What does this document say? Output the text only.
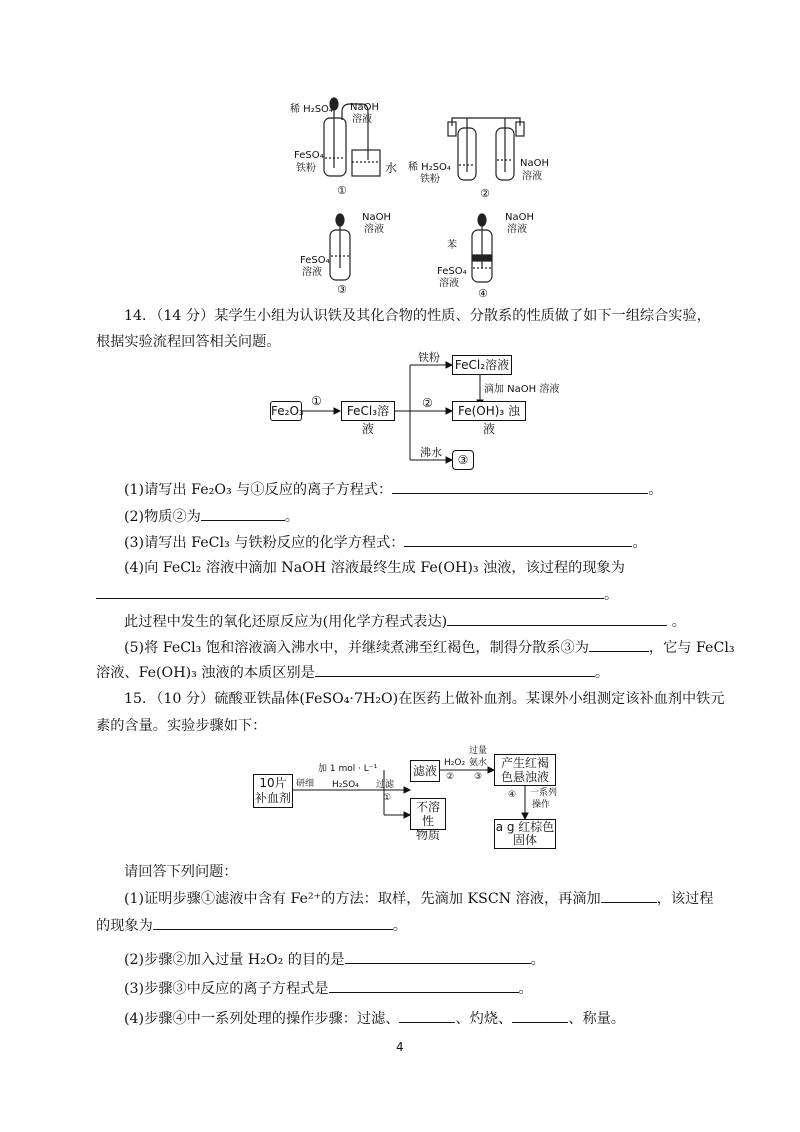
稀 H₂SO₄ NaOH
溶液
FeSO₄
铁粉	水
①
稀 H₂SO₄
铁粉
NaOH
溶液
②
NaOH
溶液
FeSO₄
溶液
③
NaOH
溶液
苯
FeSO₄
溶液
④
14．（14 分）某学生小组为认识铁及其化合物的性质、分散系的性质做了如下一组综合实验，
根据实验流程回答相关问题。
Fe₂O₃
①
FeCl₃溶液
铁粉
FeCl₂溶液
滴加 NaOH 溶液
②
Fe(OH)₃ 浊液
沸水
③
(1)请写出 Fe₂O₃ 与①反应的离子方程式：	。
(2)物质②为	。
(3)请写出 FeCl₃ 与铁粉反应的化学方程式：	。
(4)向 FeCl₂ 溶液中滴加 NaOH 溶液最终生成 Fe(OH)₃ 浊液，该过程的现象为
。
此过程中发生的氧化还原反应为(用化学方程式表达)	。
(5)将 FeCl₃ 饱和溶液滴入沸水中，并继续煮沸至红褐色，制得分散系③为	，它与 FeCl₃
溶液、Fe(OH)₃ 浊液的本质区别是	。
15．（10 分）硫酸亚铁晶体(FeSO₄·7H₂O)在医药上做补血剂。某课外小组测定该补血剂中铁元
素的含量。实验步骤如下：
10片
补血剂
研细
加 1 mol · L⁻¹
H₂SO₄ 过滤
①
滤液
H₂O₂
②
过量
氨水
③
产生红褐
色悬浊液
④ 一系列
操作
不溶性
物质
a g 红棕色
固体
请回答下列问题：
(1)证明步骤①滤液中含有 Fe²⁺的方法：取样，先滴加 KSCN 溶液，再滴加	，该过程
的现象为	。
(2)步骤②加入过量 H₂O₂ 的目的是	。
(3)步骤③中反应的离子方程式是	。
(4)步骤④中一系列处理的操作步骤：过滤、	、灼烧、	、称量。
4
